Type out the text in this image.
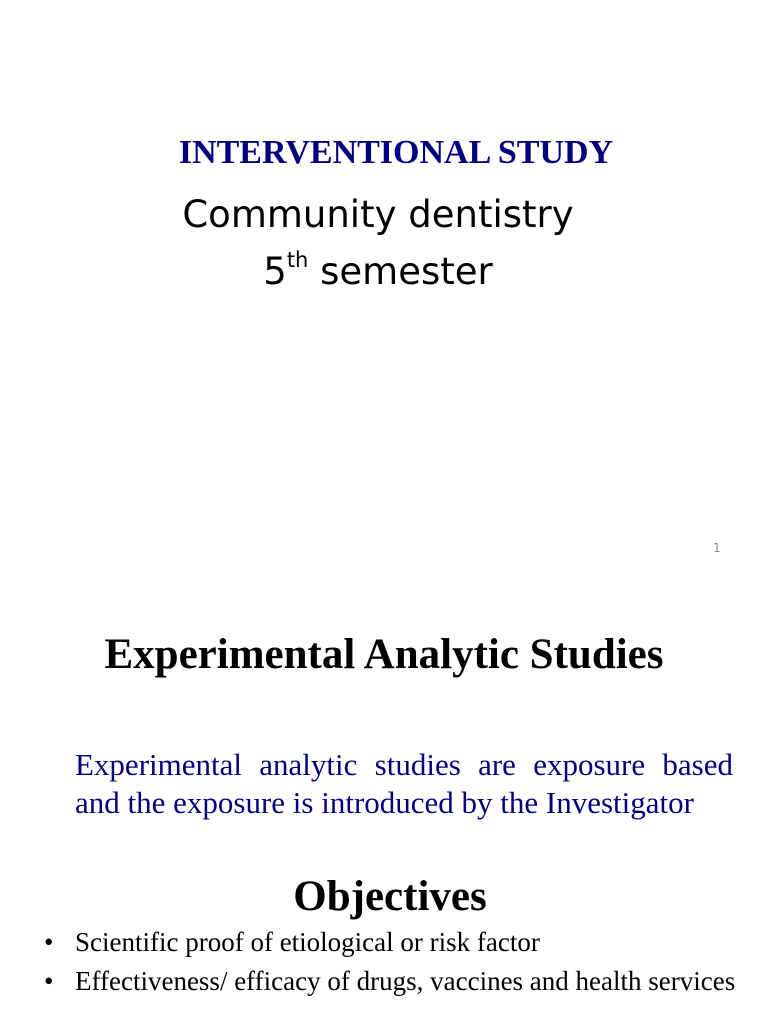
INTERVENTIONAL STUDY
Community dentistry
5th semester
1
Experimental Analytic Studies
Experimental analytic studies are exposure based and the exposure is introduced by the Investigator
Objectives
• Scientific proof of etiological or risk factor
• Effectiveness/ efficacy of drugs, vaccines and health services
